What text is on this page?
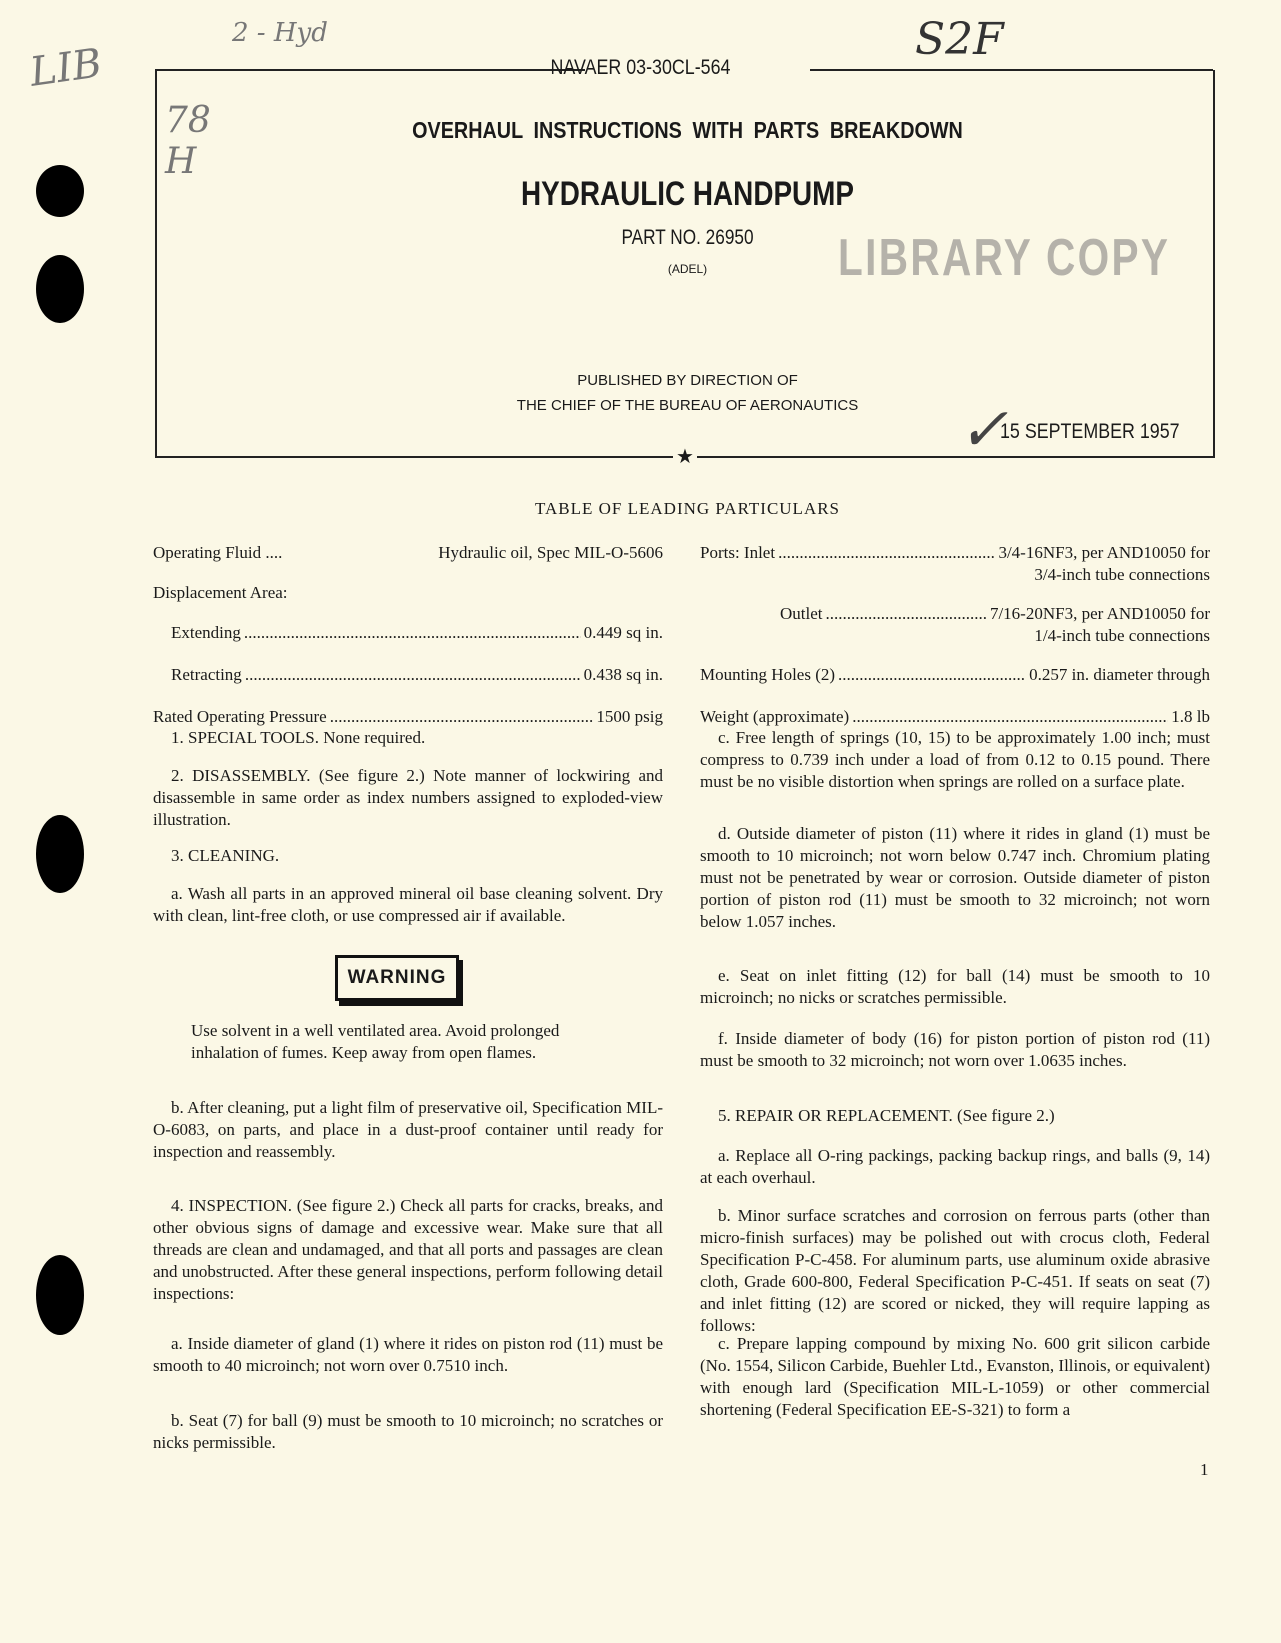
2 - Hyd
LIB
S2F
78 H
NAVAER 03-30CL-564
★
OVERHAUL INSTRUCTIONS WITH PARTS BREAKDOWN
HYDRAULIC HANDPUMP
PART NO. 26950
(ADEL)	LIBRARY COPY
PUBLISHED BY DIRECTION OF
THE CHIEF OF THE BUREAU OF AERONAUTICS	✓
15 SEPTEMBER 1957
TABLE OF LEADING PARTICULARS

Operating Fluid ....	Hydraulic oil, Spec MIL-O-5606

Displacement Area:

Extending .....	0.449 sq in.

Retracting .....	0.438 sq in.

Rated Operating Pressure .....	1500 psig

1. SPECIAL TOOLS. None required.

2. DISASSEMBLY. (See figure 2.) Note manner of lockwiring and disassemble in same order as index numbers assigned to exploded-view illustration.

3. CLEANING.

a. Wash all parts in an approved mineral oil base cleaning solvent. Dry with clean, lint-free cloth, or use compressed air if available.

Use solvent in a well ventilated area. Avoid prolonged inhalation of fumes. Keep away from open flames.

b. After cleaning, put a light film of preservative oil, Specification MIL-O-6083, on parts, and place in a dust-proof container until ready for inspection and reassembly.

4. INSPECTION. (See figure 2.) Check all parts for cracks, breaks, and other obvious signs of damage and excessive wear. Make sure that all threads are clean and undamaged, and that all ports and passages are clean and unobstructed. After these general inspections, perform following detail inspections:

a. Inside diameter of gland (1) where it rides on piston rod (11) must be smooth to 40 microinch; not worn over 0.7510 inch.

b. Seat (7) for ball (9) must be smooth to 10 microinch; no scratches or nicks permissible.

WARNING

Ports: Inlet .....	3/4-16NF3, per AND10050 for

3/4-inch tube connections

Outlet .....	7/16-20NF3, per AND10050 for

1/4-inch tube connections

Mounting Holes (2) .....	0.257 in. diameter through

Weight (approximate) .....	1.8 lb

c. Free length of springs (10, 15) to be approximately 1.00 inch; must compress to 0.739 inch under a load of from 0.12 to 0.15 pound. There must be no visible distortion when springs are rolled on a surface plate.

d. Outside diameter of piston (11) where it rides in gland (1) must be smooth to 10 microinch; not worn below 0.747 inch. Chromium plating must not be penetrated by wear or corrosion. Outside diameter of piston portion of piston rod (11) must be smooth to 32 microinch; not worn below 1.057 inches.

e. Seat on inlet fitting (12) for ball (14) must be smooth to 10 microinch; no nicks or scratches permissible.

f. Inside diameter of body (16) for piston portion of piston rod (11) must be smooth to 32 microinch; not worn over 1.0635 inches.

5. REPAIR OR REPLACEMENT. (See figure 2.)

a. Replace all O-ring packings, packing backup rings, and balls (9, 14) at each overhaul.

b. Minor surface scratches and corrosion on ferrous parts (other than micro-finish surfaces) may be polished out with crocus cloth, Federal Specification P-C-458. For aluminum parts, use aluminum oxide abrasive cloth, Grade 600-800, Federal Specification P-C-451. If seats on seat (7) and inlet fitting (12) are scored or nicked, they will require lapping as follows:

c. Prepare lapping compound by mixing No. 600 grit silicon carbide (No. 1554, Silicon Carbide, Buehler Ltd., Evanston, Illinois, or equivalent) with enough lard (Specification MIL-L-1059) or other commercial shortening (Federal Specification EE-S-321) to form a

1
